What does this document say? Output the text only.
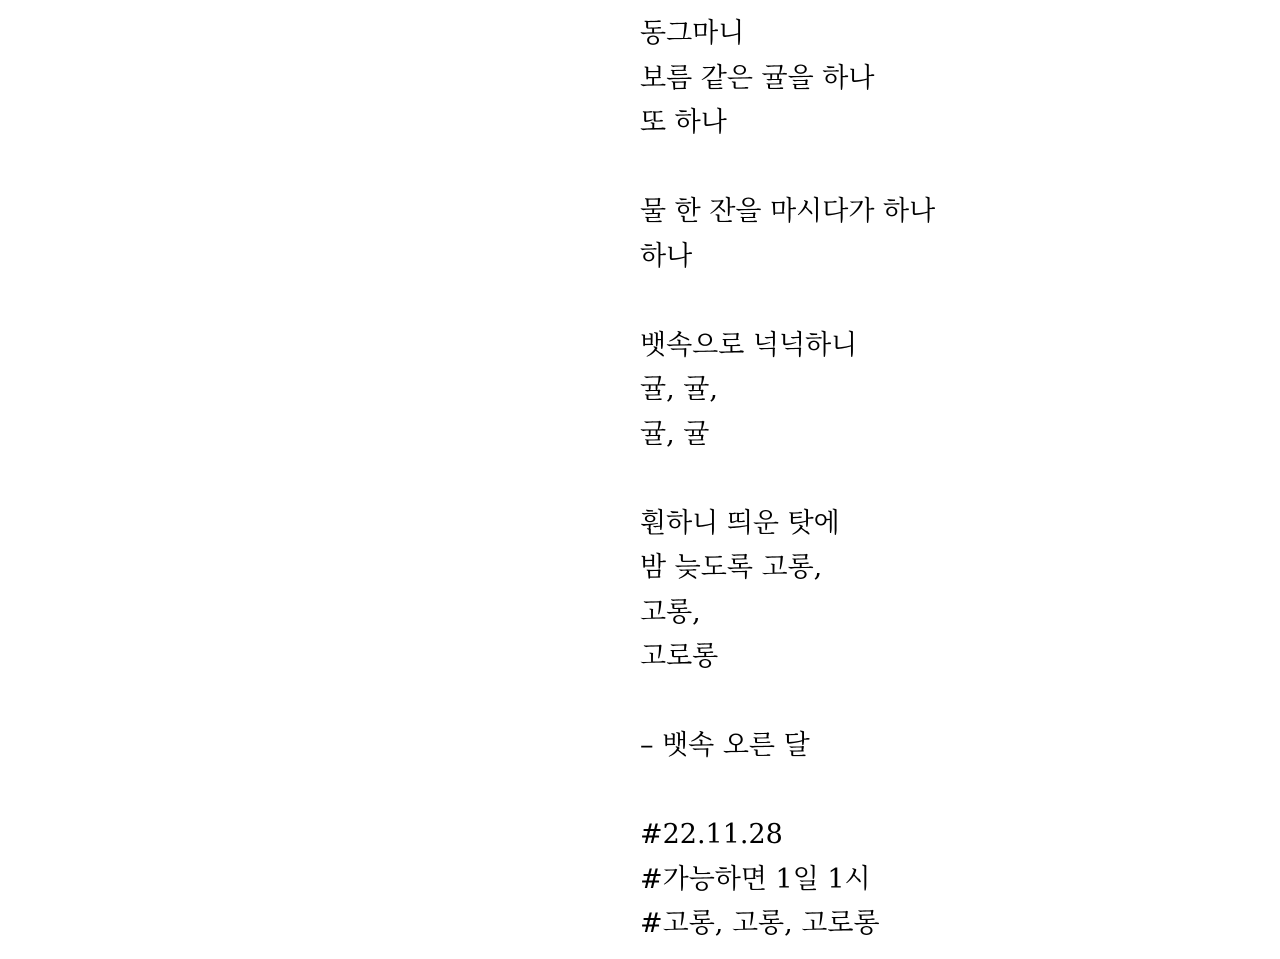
동그마니
보름 같은 귤을 하나
또 하나
물 한 잔을 마시다가 하나
하나
뱃속으로 넉넉하니
귤, 귤,
귤, 귤
훤하니 띄운 탓에
밤 늦도록 고롱,
고롱,
고로롱
– 뱃속 오른 달
#22.11.28
#가능하면 1일 1시
#고롱, 고롱, 고로롱
